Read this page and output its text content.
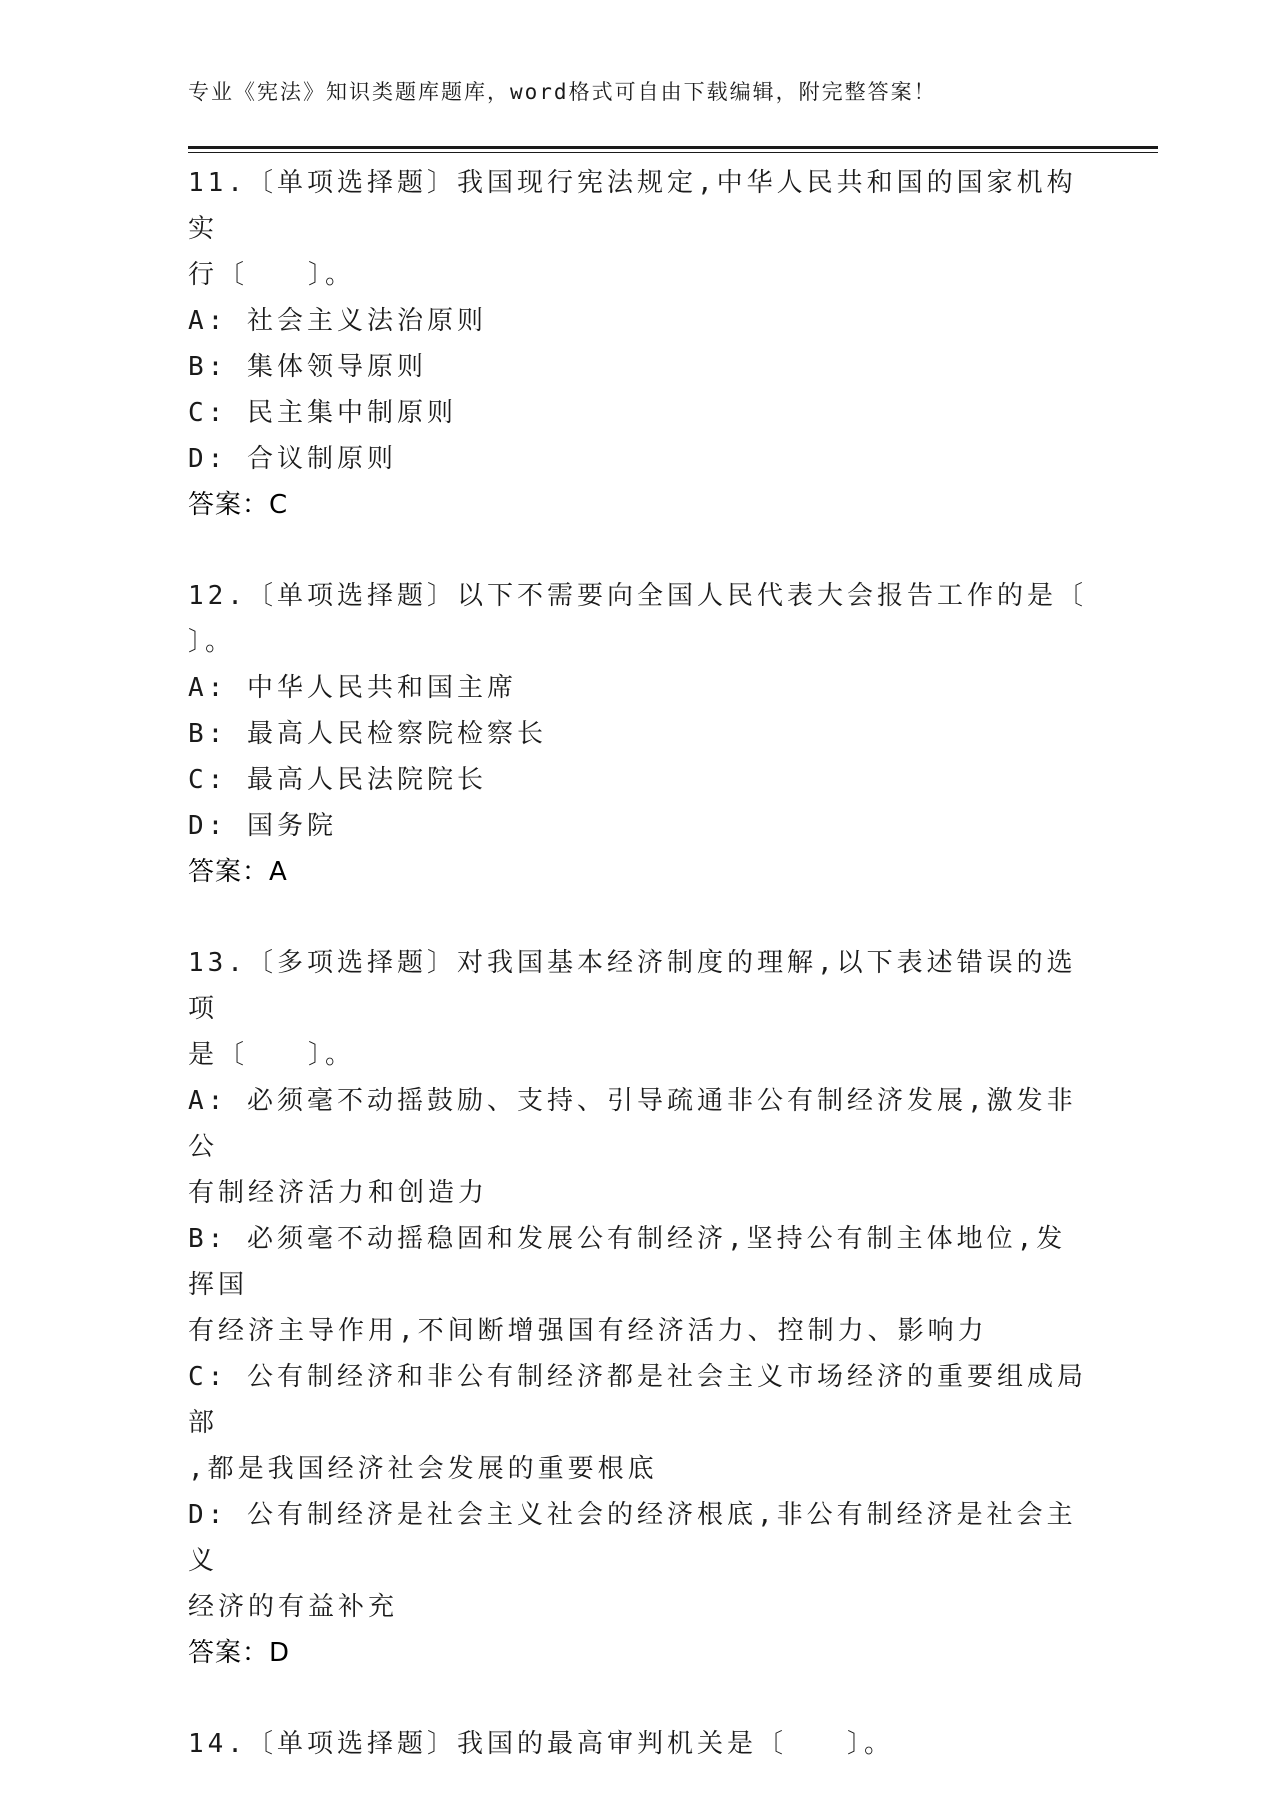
专业《宪法》知识类题库题库，word格式可自由下载编辑，附完整答案！
11.〔单项选择题〕我国现行宪法规定,中华人民共和国的国家机构实
行〔　　〕。
A: 社会主义法治原则
B: 集体领导原则
C: 民主集中制原则
D: 合议制原则
答案：C
12.〔单项选择题〕以下不需要向全国人民代表大会报告工作的是〔
〕。
A: 中华人民共和国主席
B: 最高人民检察院检察长
C: 最高人民法院院长
D: 国务院
答案：A
13.〔多项选择题〕对我国基本经济制度的理解,以下表述错误的选项
是〔　　〕。
A: 必须毫不动摇鼓励、支持、引导疏通非公有制经济发展,激发非公
有制经济活力和创造力
B: 必须毫不动摇稳固和发展公有制经济,坚持公有制主体地位,发挥国
有经济主导作用,不间断增强国有经济活力、控制力、影响力
C: 公有制经济和非公有制经济都是社会主义市场经济的重要组成局部
,都是我国经济社会发展的重要根底
D: 公有制经济是社会主义社会的经济根底,非公有制经济是社会主义
经济的有益补充
答案：D
14.〔单项选择题〕我国的最高审判机关是〔　　〕。
